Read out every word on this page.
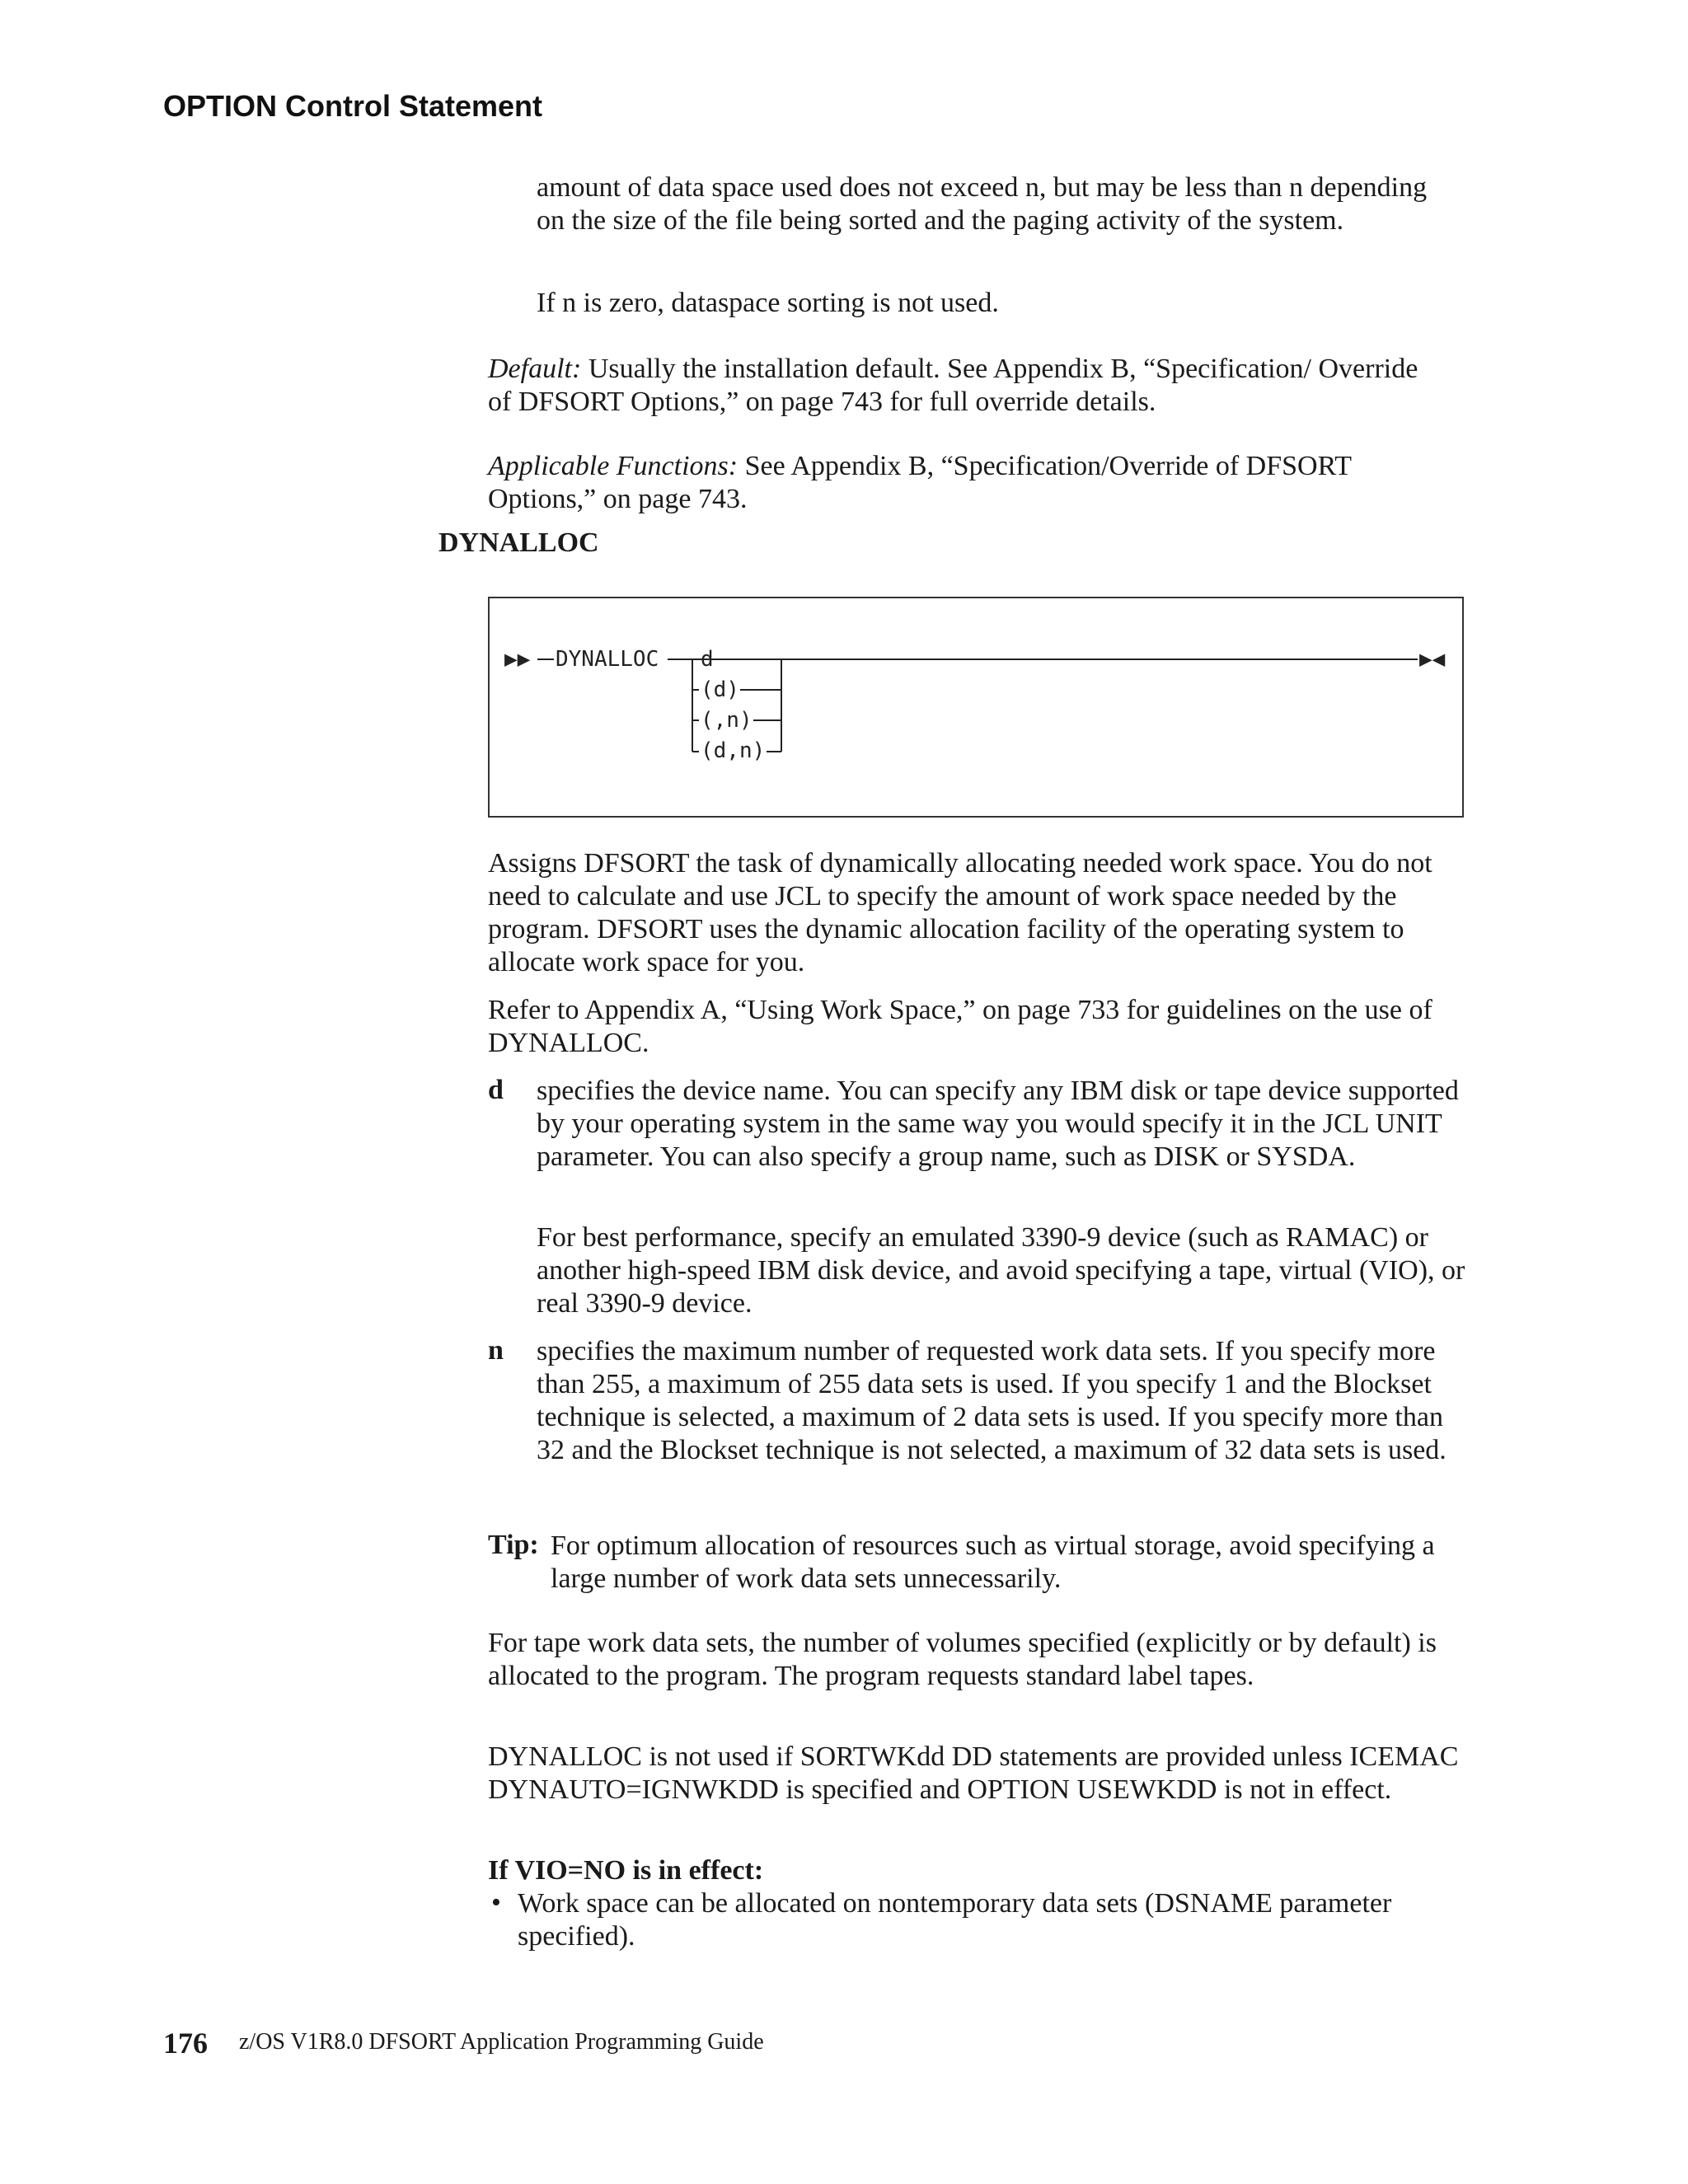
OPTION Control Statement

amount of data space used does not exceed n, but may be less than n depending on the size of the file being sorted and the paging activity of the system.

If n is zero, dataspace sorting is not used.

Default: Usually the installation default. See Appendix B, “Specification/ Override of DFSORT Options,” on page 743 for full override details.

Applicable Functions: See Appendix B, “Specification/Override of DFSORT Options,” on page 743.

DYNALLOC
▶▶ DYNALLOC d
(d)
(,n)
(d,n)
▶◀

Assigns DFSORT the task of dynamically allocating needed work space. You do not need to calculate and use JCL to specify the amount of work space needed by the program. DFSORT uses the dynamic allocation facility of the operating system to allocate work space for you.

Refer to Appendix A, “Using Work Space,” on page 733 for guidelines on the use of DYNALLOC.

d specifies the device name. You can specify any IBM disk or tape device supported by your operating system in the same way you would specify it in the JCL UNIT parameter. You can also specify a group name, such as DISK or SYSDA.

For best performance, specify an emulated 3390-9 device (such as RAMAC) or another high-speed IBM disk device, and avoid specifying a tape, virtual (VIO), or real 3390-9 device.

n specifies the maximum number of requested work data sets. If you specify more than 255, a maximum of 255 data sets is used. If you specify 1 and the Blockset technique is selected, a maximum of 2 data sets is used. If you specify more than 32 and the Blockset technique is not selected, a maximum of 32 data sets is used.

Tip: For optimum allocation of resources such as virtual storage, avoid specifying a large number of work data sets unnecessarily.

For tape work data sets, the number of volumes specified (explicitly or by default) is allocated to the program. The program requests standard label tapes.

DYNALLOC is not used if SORTWKdd DD statements are provided unless ICEMAC DYNAUTO=IGNWKDD is specified and OPTION USEWKDD is not in effect.

If VIO=NO is in effect:
• Work space can be allocated on nontemporary data sets (DSNAME parameter specified).

176 z/OS V1R8.0 DFSORT Application Programming Guide
